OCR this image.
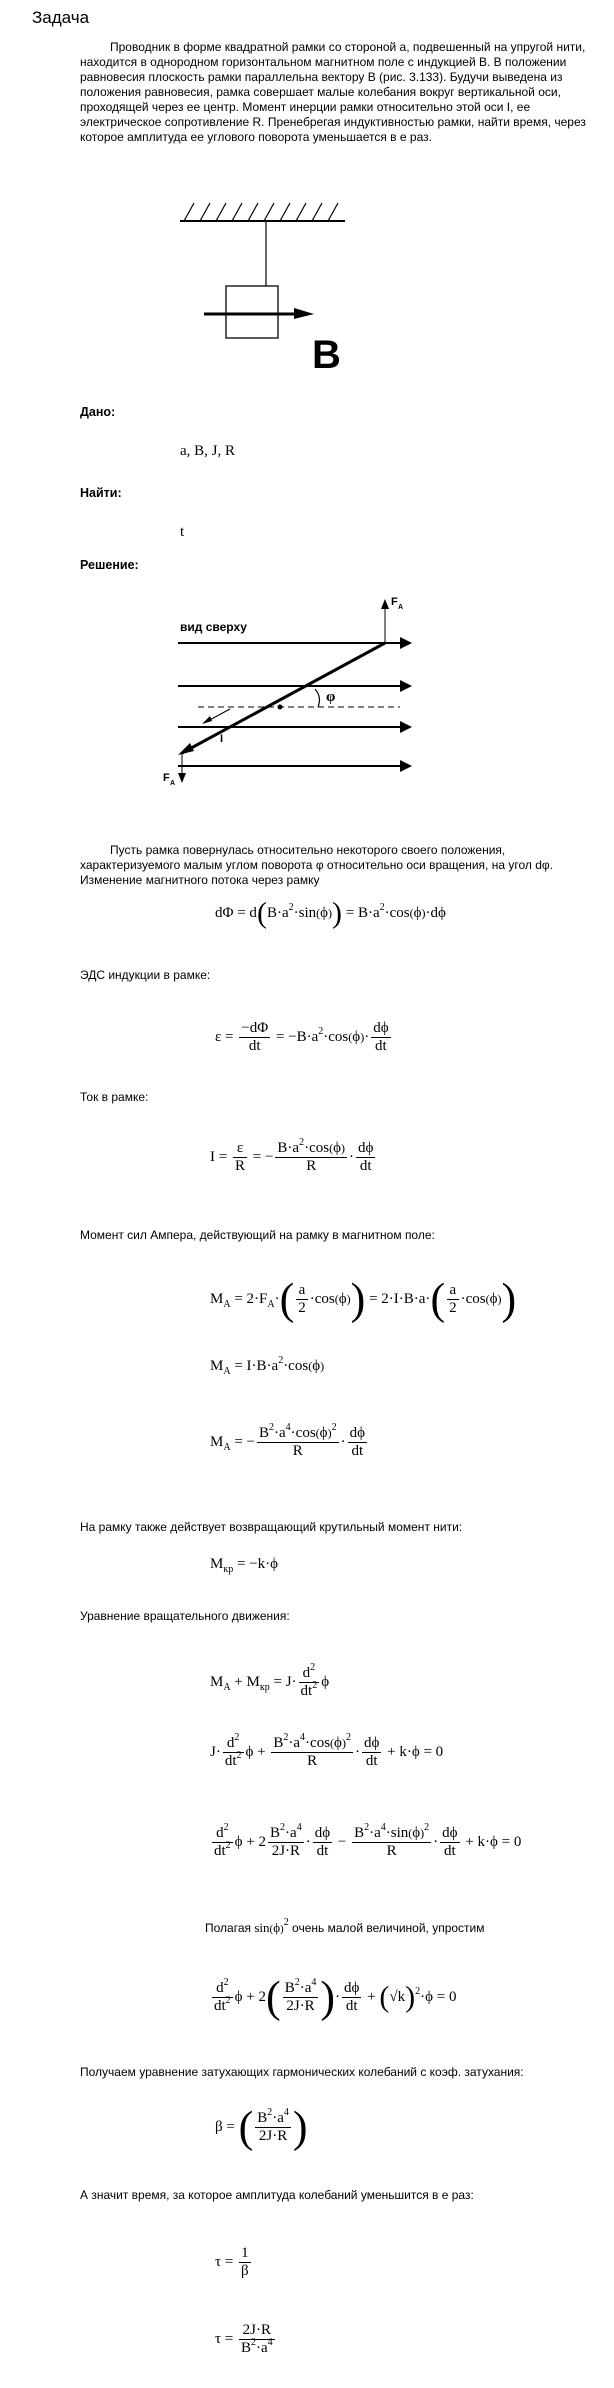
Задача
Проводник в форме квадратной рамки со стороной a, подвешенный на упругой нити, находится в однородном горизонтальном магнитном поле с индукцией B. В положении равновесия плоскость рамки параллельна вектору B (рис. 3.133). Будучи выведена из положения равновесия, рамка совершает малые колебания вокруг вертикальной оси, проходящей через ее центр. Момент инерции рамки относительно этой оси I, ее электрическое сопротивление R. Пренебрегая индуктивностью рамки, найти время, через которое амплитуда ее углового поворота уменьшается в e раз.
B
Дано:
a, B, J, R
Найти:
t
Решение:
вид сверху
F A
F A
φ
I
Пусть рамка повернулась относительно некоторого своего положения, характеризуемого малым углом поворота φ относительно оси вращения, на угол dφ. Изменение магнитного потока через рамку
$d\Phi = d(B\cdot a^2\cdot\sin(\phi)) = B\cdot a^2\cdot\cos(\phi)\cdot d\phi$
ЭДС индукции в рамке:
$\varepsilon = \frac{-d\Phi}{dt} = -B\cdot a^2\cdot\cos(\phi)\cdot \frac{d\phi}{dt}$
Ток в рамке:
$I = \frac{\varepsilon}{R}$ = − $\frac{B\cdot a^2\cdot\cos(\phi)}{R} \cdot \frac{d\phi}{dt}$
Момент сил Ампера, действующий на рамку в магнитном поле:
$M_A = 2\cdot F_A\cdot( \frac{a}{2} \cdot\cos(\phi)) = 2\cdot I\cdot B\cdot a\cdot( \frac{a}{2} \cdot\cos(\phi))$
$M_A = I\cdot B\cdot a^2\cdot\cos(\phi)$
$M_A$ = − $\frac{B^2\cdot a^4\cdot\cos(\phi)^2}{R} \cdot \frac{d\phi}{dt}$
На рамку также действует возвращающий крутильный момент нити:
$M_{кр} = -k\cdot\phi$
Уравнение вращательного движения:
$M_A + M_{кр} = J\cdot \frac{d^2}{dt^2}$ ϕ
$J\cdot \frac{d^2}{dt^2}$ $\phi + \frac{B^2\cdot a^4\cdot\cos(\phi)^2}{R} \cdot \frac{d\phi}{dt} + k\cdot\phi = 0$
$\frac{d^2}{dt^2}$ $\phi + 2 \frac{B^2\cdot a^4}{2J\cdot R} \cdot \frac{d\phi}{dt} - \frac{B^2\cdot a^4\cdot\sin(\phi)^2}{R} \cdot \frac{d\phi}{dt} + k\cdot\phi = 0$
Полагая $\sin(\phi)^2$ очень малой величиной, упростим
$\frac{d^2}{dt^2}$ $\phi + 2( \frac{B^2\cdot a^4}{2J\cdot R}$ )· $\frac{d\phi}{dt} + (√k)^2\cdot\phi = 0$
Получаем уравнение затухающих гармонических колебаний с коэф. затухания:
β = ( $\frac{B^2\cdot a^4}{2J\cdot R}$ )
А значит время, за которое амплитуда колебаний уменьшится в e раз:
$\tau = \frac{1}{\beta}$
$\tau = \frac{2J\cdot R}{B^2\cdot a^4}$
